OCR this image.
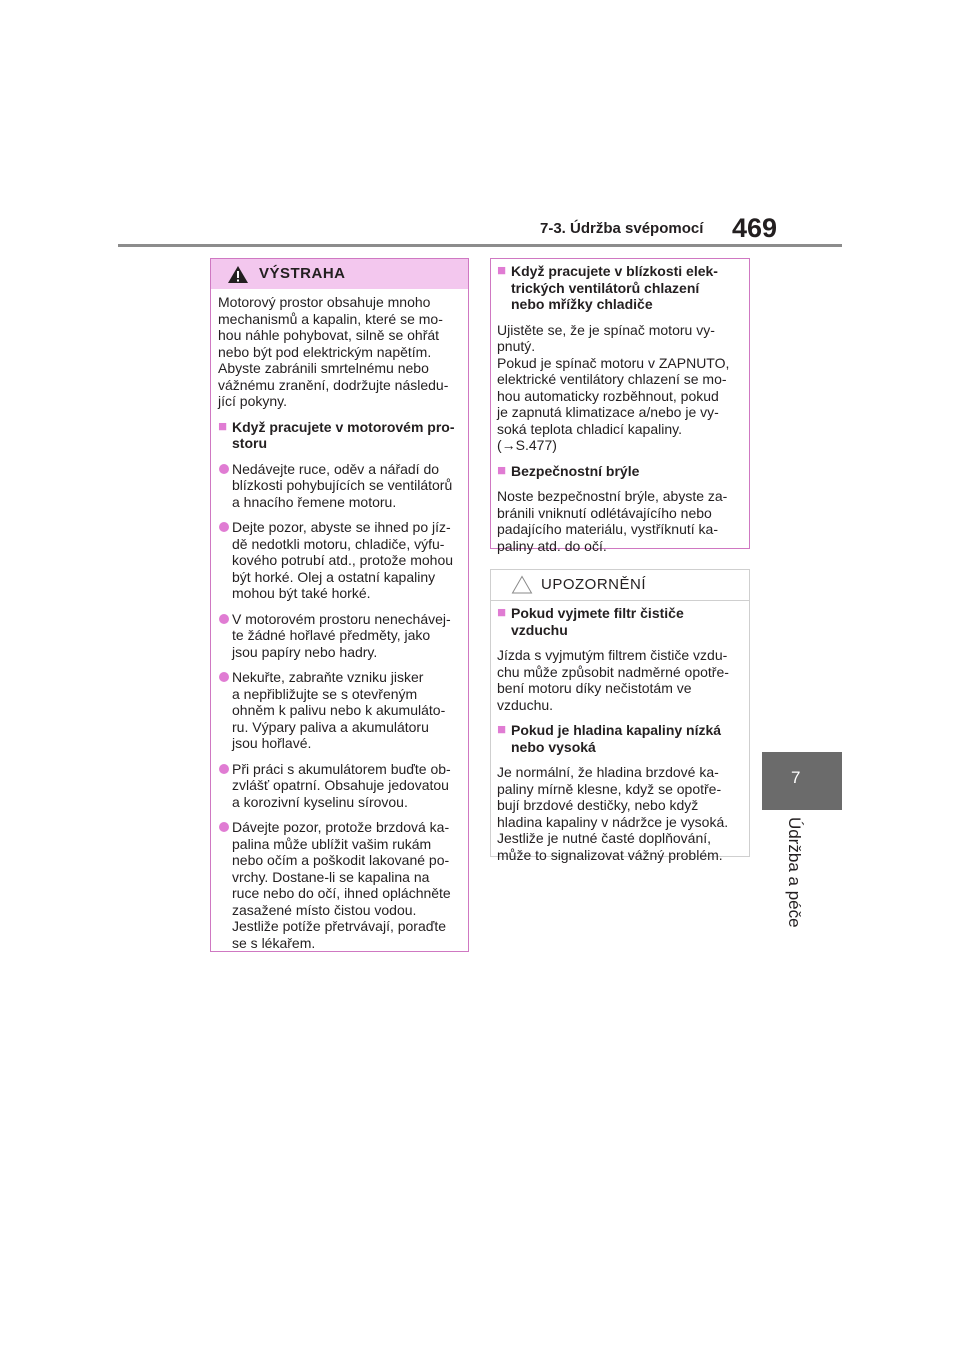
7-3. Údržba svépomocí 469
7
Údržba a péče
VÝSTRAHA

Motorový prostor obsahuje mnoho
mechanismů a kapalin, které se mo-
hou náhle pohybovat, silně se ohřát
nebo být pod elektrickým napětím.
Abyste zabránili smrtelnému nebo
vážnému zranění, dodržujte následu-
jící pokyny.

■ Když pracujete v motorovém pro-
storu

Nedávejte ruce, oděv a nářadí do
blízkosti pohybujících se ventilátorů
a hnacího řemene motoru.

Dejte pozor, abyste se ihned po jíz-
dě nedotkli motoru, chladiče, výfu-
kového potrubí atd., protože mohou
být horké. Olej a ostatní kapaliny
mohou být také horké.

V motorovém prostoru nenechávej-
te žádné hořlavé předměty, jako
jsou papíry nebo hadry.

Nekuřte, zabraňte vzniku jisker
a nepřibližujte se s otevřeným
ohněm k palivu nebo k akumuláto-
ru. Výpary paliva a akumulátoru
jsou hořlavé.

Při práci s akumulátorem buďte ob-
zvlášť opatrní. Obsahuje jedovatou
a korozivní kyselinu sírovou.

Dávejte pozor, protože brzdová ka-
palina může ublížit vašim rukám
nebo očím a poškodit lakované po-
vrchy. Dostane-li se kapalina na
ruce nebo do očí, ihned opláchněte
zasažené místo čistou vodou.
Jestliže potíže přetrvávají, poraďte
se s lékařem.

■ Když pracujete v blízkosti elek-
trických ventilátorů chlazení
nebo mřížky chladiče

Ujistěte se, že je spínač motoru vy-
pnutý.
Pokud je spínač motoru v ZAPNUTO,
elektrické ventilátory chlazení se mo-
hou automaticky rozběhnout, pokud
je zapnutá klimatizace a/nebo je vy-
soká teplota chladicí kapaliny.
(→S.477)

■ Bezpečnostní brýle

Noste bezpečnostní brýle, abyste za-
bránili vniknutí odlétávajícího nebo
padajícího materiálu, vystříknutí ka-
paliny atd. do očí.

UPOZORNĚNÍ
■ Pokud vyjmete filtr čističe
vzduchu

Jízda s vyjmutým filtrem čističe vzdu-
chu může způsobit nadměrné opotře-
bení motoru díky nečistotám ve
vzduchu.

■ Pokud je hladina kapaliny nízká
nebo vysoká

Je normální, že hladina brzdové ka-
paliny mírně klesne, když se opotře-
bují brzdové destičky, nebo když
hladina kapaliny v nádržce je vysoká.
Jestliže je nutné časté doplňování,
může to signalizovat vážný problém.
